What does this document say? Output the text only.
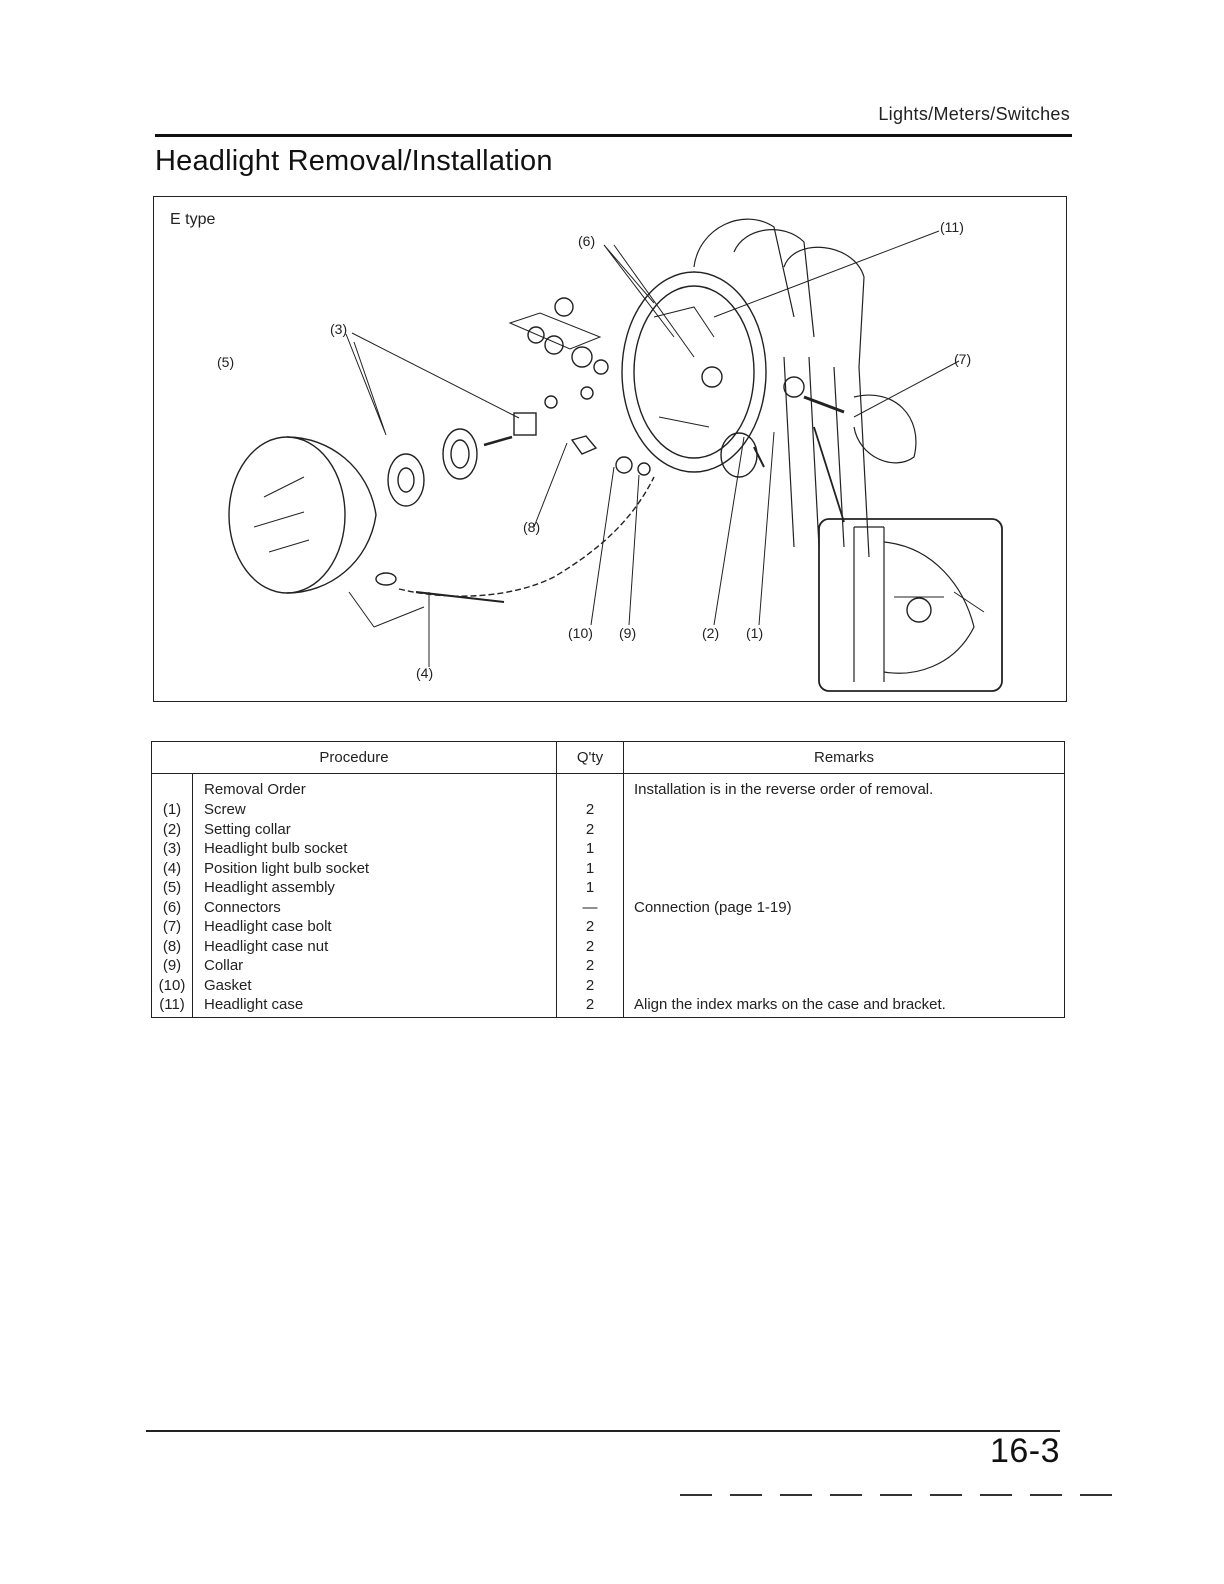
Lights/Meters/Switches
Headlight Removal/Installation
E type
(5)
(3)
(6)
(11)
(7)
(8)
(10) (9)	(2) (1)
(4)
Procedure		Q'ty	Remarks
	Removal Order		Installation is in the reverse order of removal.
(1)	Screw	2	
(2)	Setting collar	2	
(3)	Headlight bulb socket	1	
(4)	Position light bulb socket	1	
(5)	Headlight assembly	1	
(6)	Connectors	—	Connection (page 1-19)
(7)	Headlight case bolt	2	
(8)	Headlight case nut	2	
(9)	Collar	2	
(10)	Gasket	2	
(11)	Headlight case	2	Align the index marks on the case and bracket.
16-3
